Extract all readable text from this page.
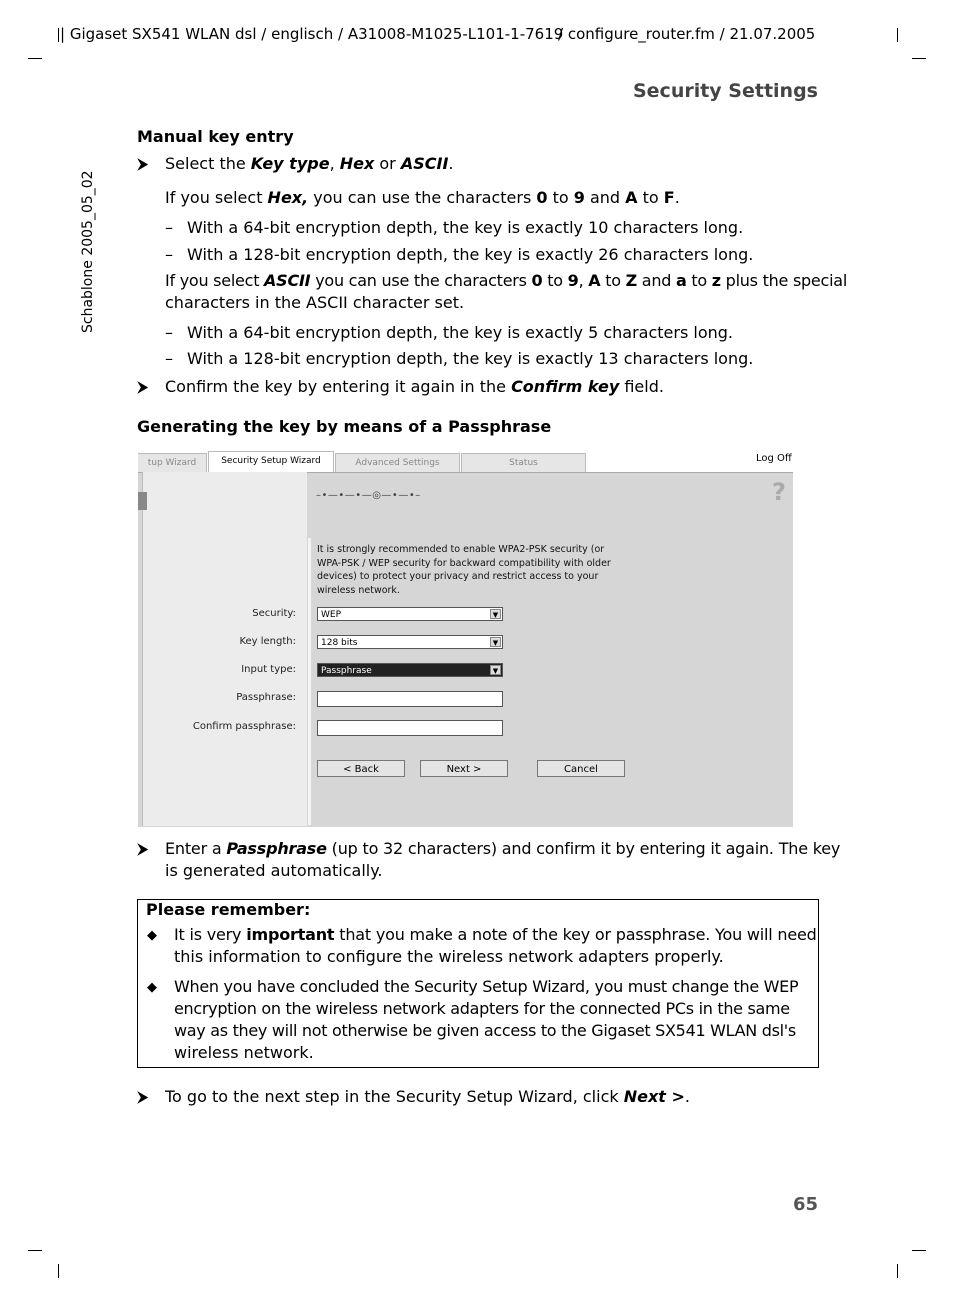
| Gigaset SX541 WLAN dsl / englisch / A31008-M1025-L101-1-7619
/ configure_router.fm / 21.07.2005
Security Settings
Schablone 2005_05_02
Manual key entry
⮞ Select the Key type, Hex or ASCII.
If you select Hex, you can use the characters 0 to 9 and A to F.
– With a 64-bit encryption depth, the key is exactly 10 characters long.
– With a 128-bit encryption depth, the key is exactly 26 characters long.
If you select ASCII you can use the characters 0 to 9, A to Z and a to z plus the special
characters in the ASCII character set.
– With a 64-bit encryption depth, the key is exactly 5 characters long.
– With a 128-bit encryption depth, the key is exactly 13 characters long.
⮞ Confirm the key by entering it again in the Confirm key field.
Generating the key by means of a Passphrase
tup Wizard	Security Setup Wizard	Advanced Settings	Status	Log Off
?
–•—•—•—◎—•—•–
It is strongly recommended to enable WPA2-PSK security (or WPA-PSK / WEP security for backward compatibility with older devices) to protect your privacy and restrict access to your wireless network.
Security:	WEP	▼
Key length:	128 bits	▼
Input type:	Passphrase	▼
Passphrase:
Confirm passphrase:
< Back	Next >	Cancel
⮞ Enter a Passphrase (up to 32 characters) and confirm it by entering it again. The key
is generated automatically.
Please remember:
◆ It is very important that you make a note of the key or passphrase. You will need
this information to configure the wireless network adapters properly.
◆ When you have concluded the Security Setup Wizard, you must change the WEP
encryption on the wireless network adapters for the connected PCs in the same
way as they will not otherwise be given access to the Gigaset SX541 WLAN dsl's
wireless network.
⮞ To go to the next step in the Security Setup Wizard, click Next >.
65
